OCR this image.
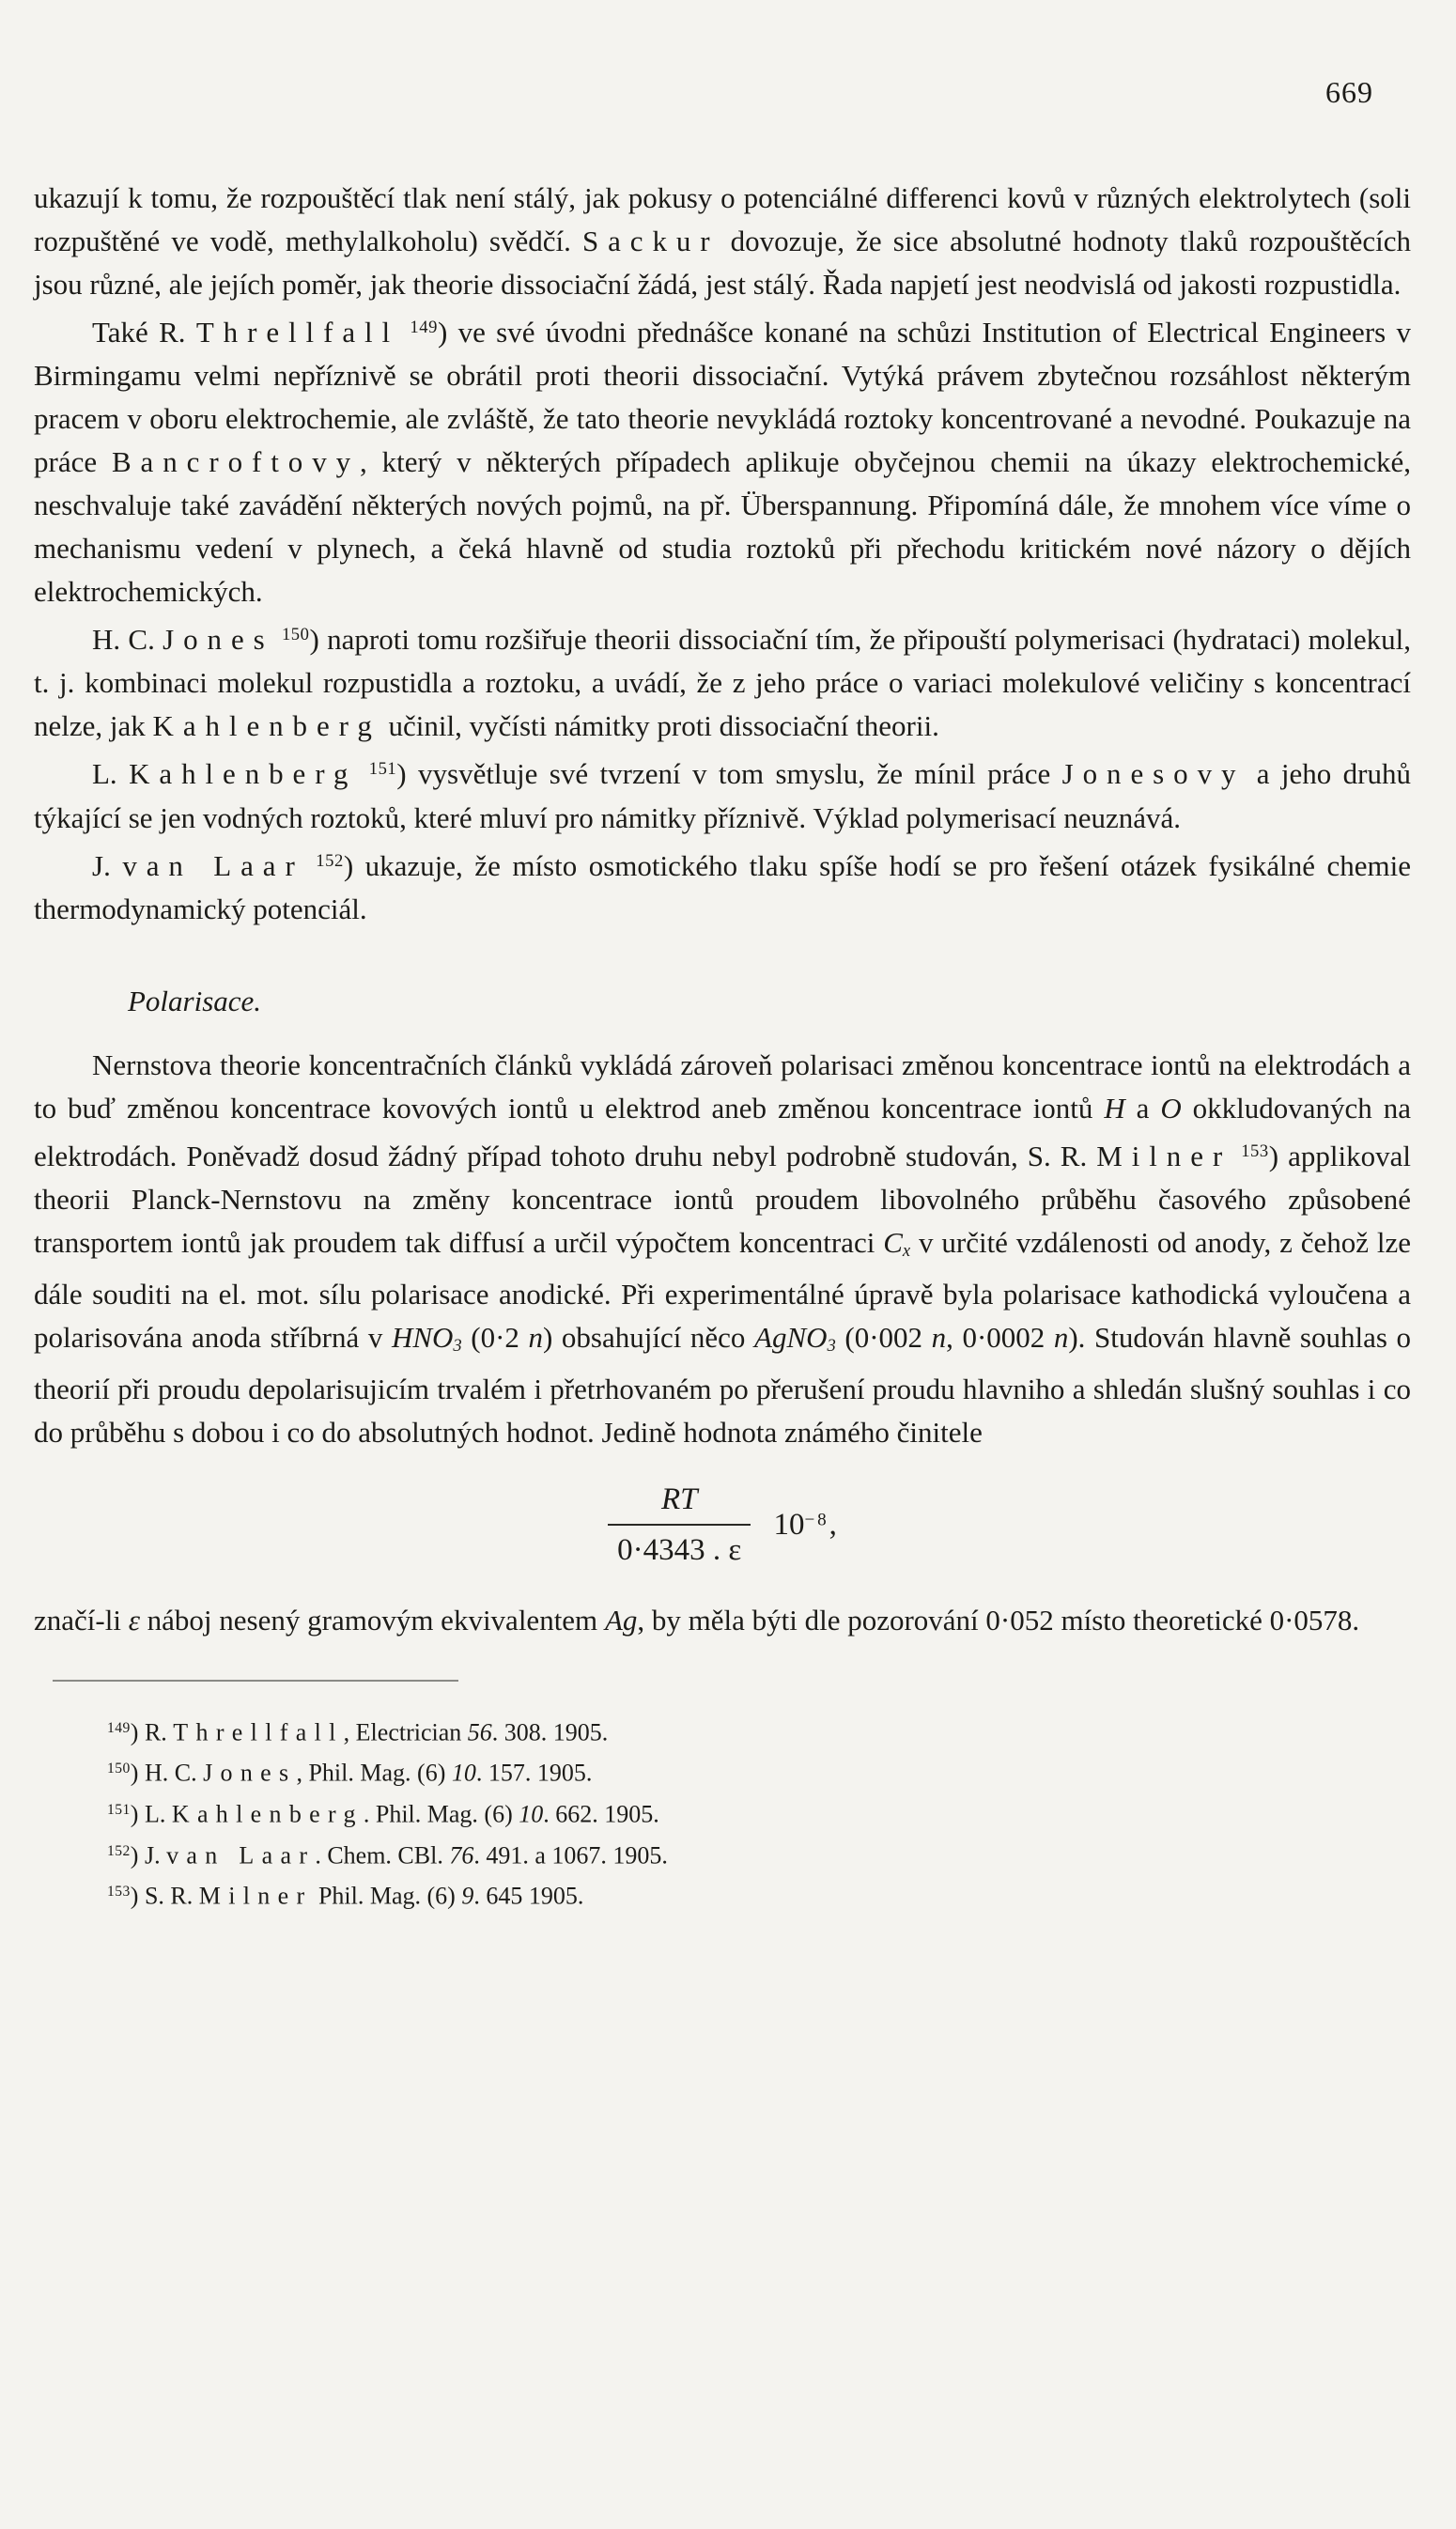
669

ukazují k tomu, že rozpouštěcí tlak není stálý, jak pokusy o potenciálné differenci kovů v různých elektrolytech (soli rozpuštěné ve vodě, methylalkoholu) svědčí. Sackur dovozuje, že sice absolutné hodnoty tlaků rozpouštěcích jsou různé, ale jejích poměr, jak theorie dissociační žádá, jest stálý. Řada napjetí jest neodvislá od jakosti rozpustidla.

Také R. Threllfall $^{149}$) ve své úvodni přednášce konané na schůzi Institution of Electrical Engineers v Birmingamu velmi nepříznivě se obrátil proti theorii dissociační. Vytýká právem zbytečnou rozsáhlost některým pracem v oboru elektrochemie, ale zvláště, že tato theorie nevykládá roztoky koncentrované a nevodné. Poukazuje na práce Bancroftovy, který v některých případech aplikuje obyčejnou chemii na úkazy elektrochemické, neschvaluje také zavádění některých nových pojmů, na př. Überspannung. Připomíná dále, že mnohem více víme o mechanismu vedení v plynech, a čeká hlavně od studia roztoků při přechodu kritickém nové názory o dějích elektrochemických.

H. C. Jones $^{150}$) naproti tomu rozšiřuje theorii dissociační tím, že připouští polymerisaci (hydrataci) molekul, t. j. kombinaci molekul rozpustidla a roztoku, a uvádí, že z jeho práce o variaci molekulové veličiny s koncentrací nelze, jak Kahlenberg učinil, vyčísti námitky proti dissociační theorii.

L. Kahlenberg $^{151}$) vysvětluje své tvrzení v tom smyslu, že mínil práce Jonesovy a jeho druhů týkající se jen vodných roztoků, které mluví pro námitky příznivě. Výklad polymerisací neuznává.

J. van Laar $^{152}$) ukazuje, že místo osmotického tlaku spíše hodí se pro řešení otázek fysikálné chemie thermodynamický potenciál.

Polarisace.

Nernstova theorie koncentračních článků vykládá zároveň polarisaci změnou koncentrace iontů na elektrodách a to buď změnou koncentrace kovových iontů u elektrod aneb změnou koncentrace iontů H a O okkludovaných na elektrodách. Poněvadž dosud žádný případ tohoto druhu nebyl podrobně studován, S. R. Milner $^{153}$) applikoval theorii Planck-Nernstovu na změny koncentrace iontů proudem libovolného průběhu časového způsobené transportem iontů jak proudem tak diffusí a určil výpočtem koncentraci Cx v určité vzdálenosti od anody, z čehož lze dále souditi na el. mot. sílu polarisace anodické. Při experimentálné úpravě byla polarisace kathodická vyloučena a polarisována anoda stříbrná v HNO3 (0·2 n) obsahující něco AgNO3 (0·002 n, 0·0002 n). Studován hlavně souhlas o theorií při proudu depolarisujicím trvalém i přetrhovaném po přerušení proudu hlavniho a shledán slušný souhlas i co do průběhu s dobou i co do absolutných hodnot. Jedině hodnota známého činitele

$\frac{RT}{0\cdot 4343 . \varepsilon} 10^{-8}$,

značí-li ε náboj nesený gramovým ekvivalentem Ag, by měla býti dle pozorování 0·052 místo theoretické 0·0578.

$^{149}$) R. Threllfall, Electrician 56. 308. 1905.
$^{150}$) H. C. Jones, Phil. Mag. (6) 10. 157. 1905.
$^{151}$) L. Kahlenberg. Phil. Mag. (6) 10. 662. 1905.
$^{152}$) J. van Laar. Chem. CBl. 76. 491. a 1067. 1905.
$^{153}$) S. R. Milner Phil. Mag. (6) 9. 645 1905.
